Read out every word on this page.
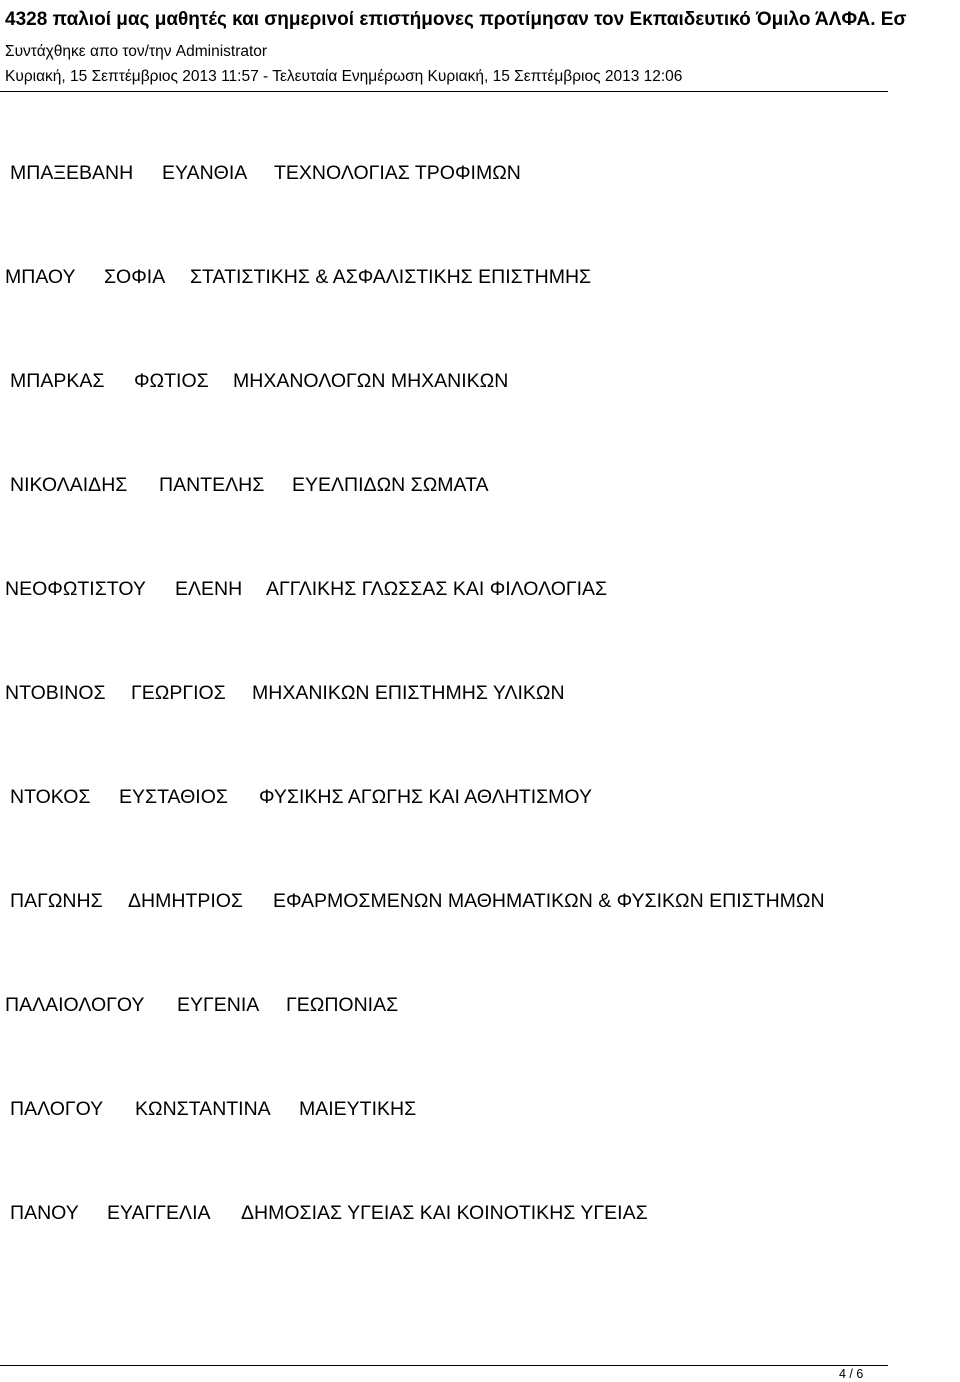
4328 παλιοί μας μαθητές και σημερινοί επιστήμονες προτίμησαν τον Εκπαιδευτικό Όμιλο ΆΛΦΑ. Εσ
Συντάχθηκε απο τον/την Administrator
Κυριακή, 15 Σεπτέμβριος 2013 11:57 - Τελευταία Ενημέρωση Κυριακή, 15 Σεπτέμβριος 2013 12:06
ΜΠΑΞΕΒΑΝΗ ΕΥΑΝΘΙΑ ΤΕΧΝΟΛΟΓΙΑΣ ΤΡΟΦΙΜΩΝ
ΜΠΑΟΥ ΣΟΦΙΑ ΣΤΑΤΙΣΤΙΚΗΣ & ΑΣΦΑΛΙΣΤΙΚΗΣ ΕΠΙΣΤΗΜΗΣ
ΜΠΑΡΚΑΣ ΦΩΤΙΟΣ ΜΗΧΑΝΟΛΟΓΩΝ ΜΗΧΑΝΙΚΩΝ
ΝΙΚΟΛΑΙΔΗΣ ΠΑΝΤΕΛΗΣ ΕΥΕΛΠΙΔΩΝ ΣΩΜΑΤΑ
ΝΕΟΦΩΤΙΣΤΟΥ ΕΛΕΝΗ ΑΓΓΛΙΚΗΣ ΓΛΩΣΣΑΣ ΚΑΙ ΦΙΛΟΛΟΓΙΑΣ
ΝΤΟΒΙΝΟΣ ΓΕΩΡΓΙΟΣ ΜΗΧΑΝΙΚΩΝ ΕΠΙΣΤΗΜΗΣ ΥΛΙΚΩΝ
ΝΤΟΚΟΣ ΕΥΣΤΑΘΙΟΣ ΦΥΣΙΚΗΣ ΑΓΩΓΗΣ ΚΑΙ ΑΘΛΗΤΙΣΜΟΥ
ΠΑΓΩΝΗΣ ΔΗΜΗΤΡΙΟΣ ΕΦΑΡΜΟΣΜΕΝΩΝ ΜΑΘΗΜΑΤΙΚΩΝ & ΦΥΣΙΚΩΝ ΕΠΙΣΤΗΜΩΝ
ΠΑΛΑΙΟΛΟΓΟΥ ΕΥΓΕΝΙΑ ΓΕΩΠΟΝΙΑΣ
ΠΑΛΟΓΟΥ ΚΩΝΣΤΑΝΤΙΝΑ ΜΑΙΕΥΤΙΚΗΣ
ΠΑΝΟΥ ΕΥΑΓΓΕΛΙΑ ΔΗΜΟΣΙΑΣ ΥΓΕΙΑΣ ΚΑΙ ΚΟΙΝΟΤΙΚΗΣ ΥΓΕΙΑΣ
4 / 6
